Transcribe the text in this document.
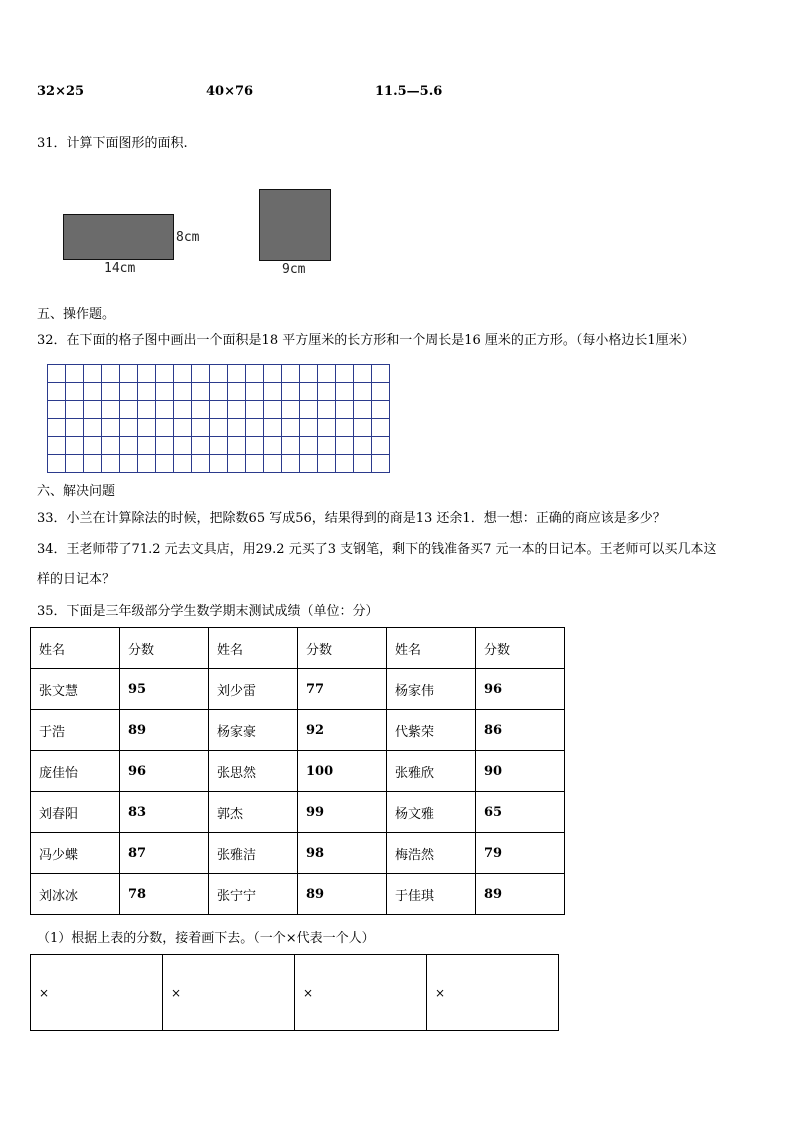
32×25	40×76	11.5—5.6
31．计算下面图形的面积.
8cm
14cm	9cm
五、操作题。
32．在下面的格子图中画出一个面积是18 平方厘米的长方形和一个周长是16 厘米的正方形。（每小格边长1厘米）

六、解决问题
33．小兰在计算除法的时候，把除数65 写成56，结果得到的商是13 还余1．想一想：正确的商应该是多少？
34．王老师带了71.2 元去文具店，用29.2 元买了3 支钢笔，剩下的钱准备买7 元一本的日记本。王老师可以买几本这
样的日记本？
35．下面是三年级部分学生数学期末测试成绩（单位：分）
姓名	分数	姓名	分数	姓名	分数
张文慧	95	刘少雷	77	杨家伟	96
于浩	89	杨家豪	92	代紫荣	86
庞佳怡	96	张思然	100	张雅欣	90
刘春阳	83	郭杰	99	杨文雅	65
冯少蝶	87	张雅洁	98	梅浩然	79
刘冰冰	78	张宁宁	89	于佳琪	89
（1）根据上表的分数，接着画下去。（一个×代表一个人）
×	×	×	×
